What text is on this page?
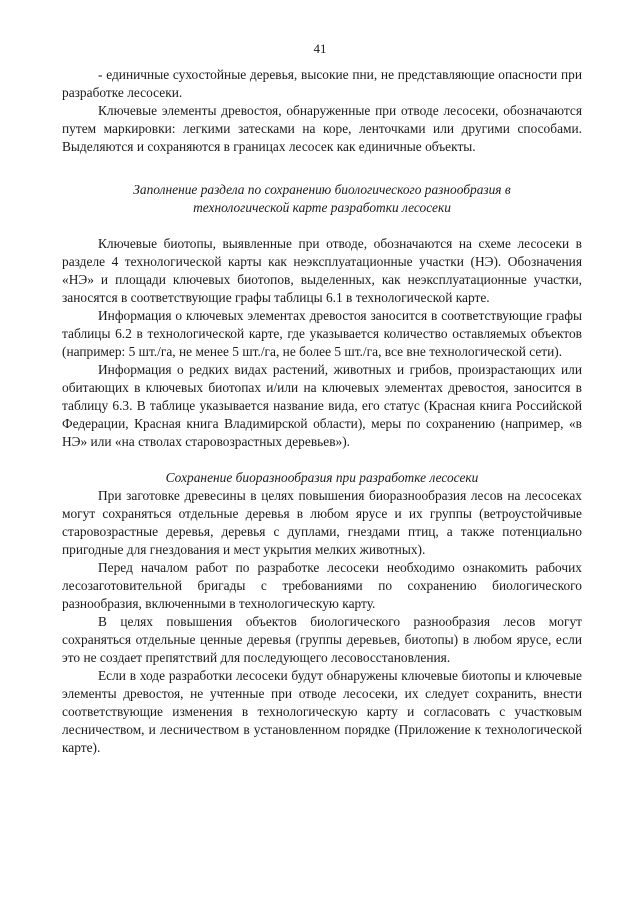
41

- единичные сухостойные деревья, высокие пни, не представляющие опасности при разработке лесосеки.

Ключевые элементы древостоя, обнаруженные при отводе лесосеки, обозначаются путем маркировки: легкими затесками на коре, ленточками или другими способами. Выделяются и сохраняются в границах лесосек как единичные объекты.

Заполнение раздела по сохранению биологического разнообразия в
технологической карте разработки лесосеки

Ключевые биотопы, выявленные при отводе, обозначаются на схеме лесосеки в разделе 4 технологической карты как неэксплуатационные участки (НЭ). Обозначения «НЭ» и площади ключевых биотопов, выделенных, как неэксплуатационные участки, заносятся в соответствующие графы таблицы 6.1 в технологической карте.

Информация о ключевых элементах древостоя заносится в соответствующие графы таблицы 6.2 в технологической карте, где указывается количество оставляемых объектов (например: 5 шт./га, не менее 5 шт./га, не более 5 шт./га, все вне технологической сети).

Информация о редких видах растений, животных и грибов, произрастающих или обитающих в ключевых биотопах и/или на ключевых элементах древостоя, заносится в таблицу 6.3. В таблице указывается название вида, его статус (Красная книга Российской Федерации, Красная книга Владимирской области), меры по сохранению (например, «в НЭ» или «на стволах старовозрастных деревьев»).

Сохранение биоразнообразия при разработке лесосеки

При заготовке древесины в целях повышения биоразнообразия лесов на лесосеках могут сохраняться отдельные деревья в любом ярусе и их группы (ветроустойчивые старовозрастные деревья, деревья с дуплами, гнездами птиц, а также потенциально пригодные для гнездования и мест укрытия мелких животных).

Перед началом работ по разработке лесосеки необходимо ознакомить рабочих лесозаготовительной бригады с требованиями по сохранению биологического разнообразия, включенными в технологическую карту.

В целях повышения объектов биологического разнообразия лесов могут сохраняться отдельные ценные деревья (группы деревьев, биотопы) в любом ярусе, если это не создает препятствий для последующего лесовосстановления.

Если в ходе разработки лесосеки будут обнаружены ключевые биотопы и ключевые элементы древостоя, не учтенные при отводе лесосеки, их следует сохранить, внести соответствующие изменения в технологическую карту и согласовать с участковым лесничеством, и лесничеством в установленном порядке (Приложение к технологической карте).
